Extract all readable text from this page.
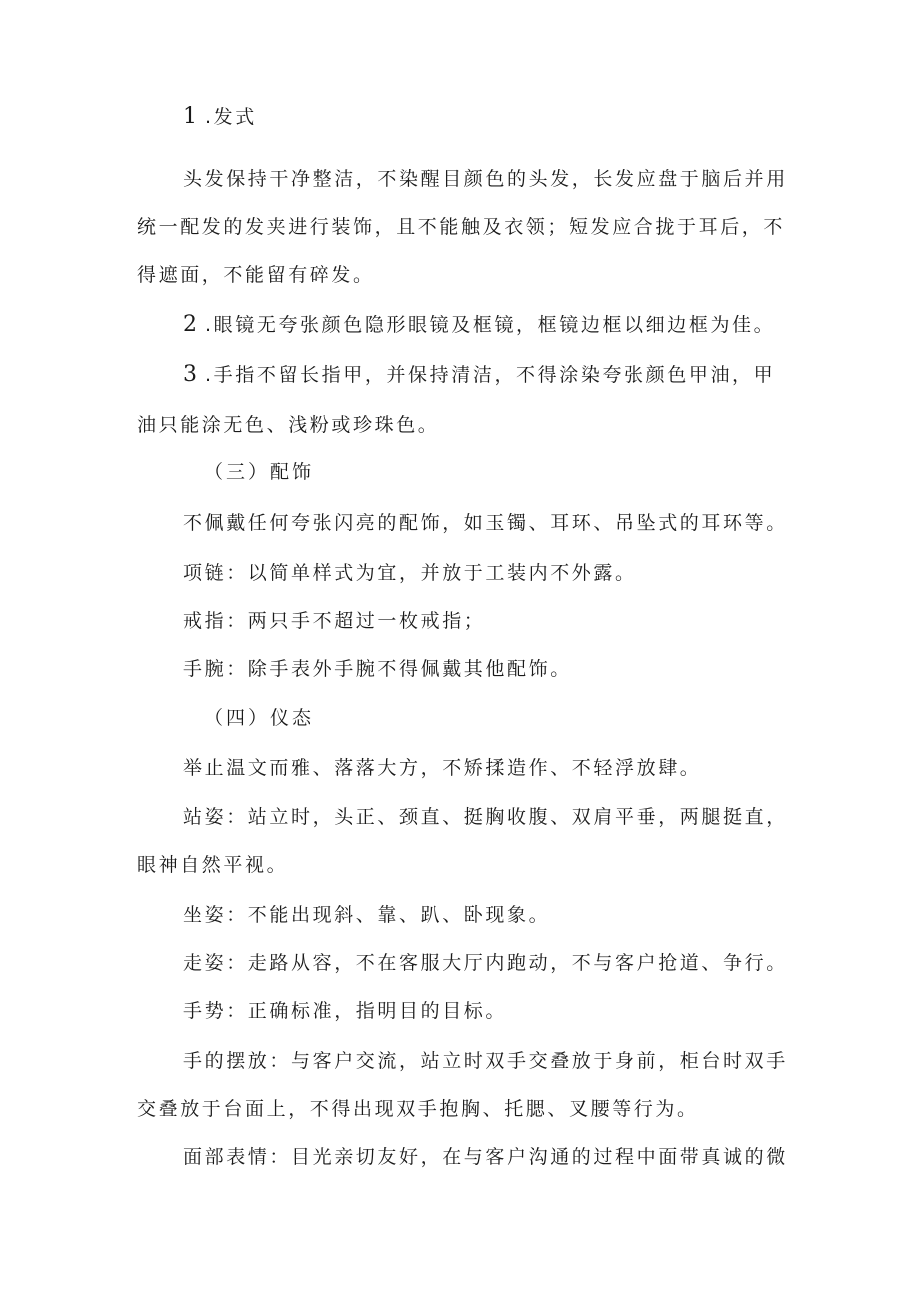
1 .发式
头发保持干净整洁，不染醒目颜色的头发，长发应盘于脑后并用
统一配发的发夹进行装饰，且不能触及衣领；短发应合拢于耳后，不
得遮面，不能留有碎发。
2 .眼镜无夸张颜色隐形眼镜及框镜，框镜边框以细边框为佳。
3 .手指不留长指甲，并保持清洁，不得涂染夸张颜色甲油，甲
油只能涂无色、浅粉或珍珠色。
（三）配饰
不佩戴任何夸张闪亮的配饰，如玉镯、耳环、吊坠式的耳环等。
项链：以简单样式为宜，并放于工装内不外露。
戒指：两只手不超过一枚戒指；
手腕：除手表外手腕不得佩戴其他配饰。
（四）仪态
举止温文而雅、落落大方，不矫揉造作、不轻浮放肆。
站姿：站立时，头正、颈直、挺胸收腹、双肩平垂，两腿挺直，
眼神自然平视。
坐姿：不能出现斜、靠、趴、卧现象。
走姿：走路从容，不在客服大厅内跑动，不与客户抢道、争行。
手势：正确标准，指明目的目标。
手的摆放：与客户交流，站立时双手交叠放于身前，柜台时双手
交叠放于台面上，不得出现双手抱胸、托腮、叉腰等行为。
面部表情：目光亲切友好，在与客户沟通的过程中面带真诚的微
